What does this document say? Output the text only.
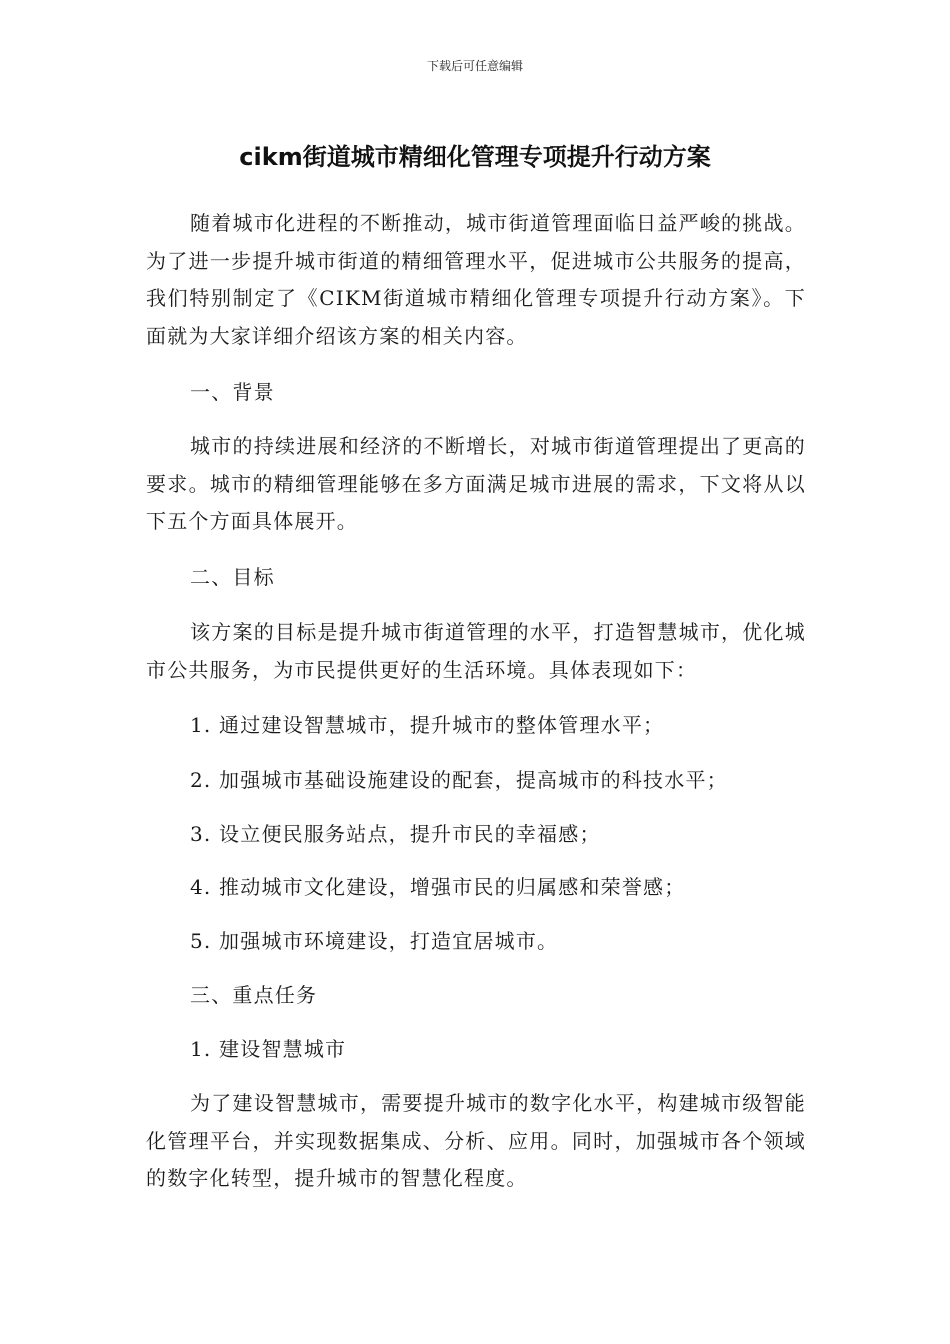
下载后可任意编辑
cikm街道城市精细化管理专项提升行动方案

随着城市化进程的不断推动，城市街道管理面临日益严峻的挑战。为了进一步提升城市街道的精细管理水平，促进城市公共服务的提高，我们特别制定了《CIKM街道城市精细化管理专项提升行动方案》。下面就为大家详细介绍该方案的相关内容。

一、背景

城市的持续进展和经济的不断增长，对城市街道管理提出了更高的要求。城市的精细管理能够在多方面满足城市进展的需求，下文将从以下五个方面具体展开。

二、目标

该方案的目标是提升城市街道管理的水平，打造智慧城市，优化城市公共服务，为市民提供更好的生活环境。具体表现如下：

1. 通过建设智慧城市，提升城市的整体管理水平；

2. 加强城市基础设施建设的配套，提高城市的科技水平；

3. 设立便民服务站点，提升市民的幸福感；

4. 推动城市文化建设，增强市民的归属感和荣誉感；

5. 加强城市环境建设，打造宜居城市。

三、重点任务

1. 建设智慧城市

为了建设智慧城市，需要提升城市的数字化水平，构建城市级智能化管理平台，并实现数据集成、分析、应用。同时，加强城市各个领域的数字化转型，提升城市的智慧化程度。
